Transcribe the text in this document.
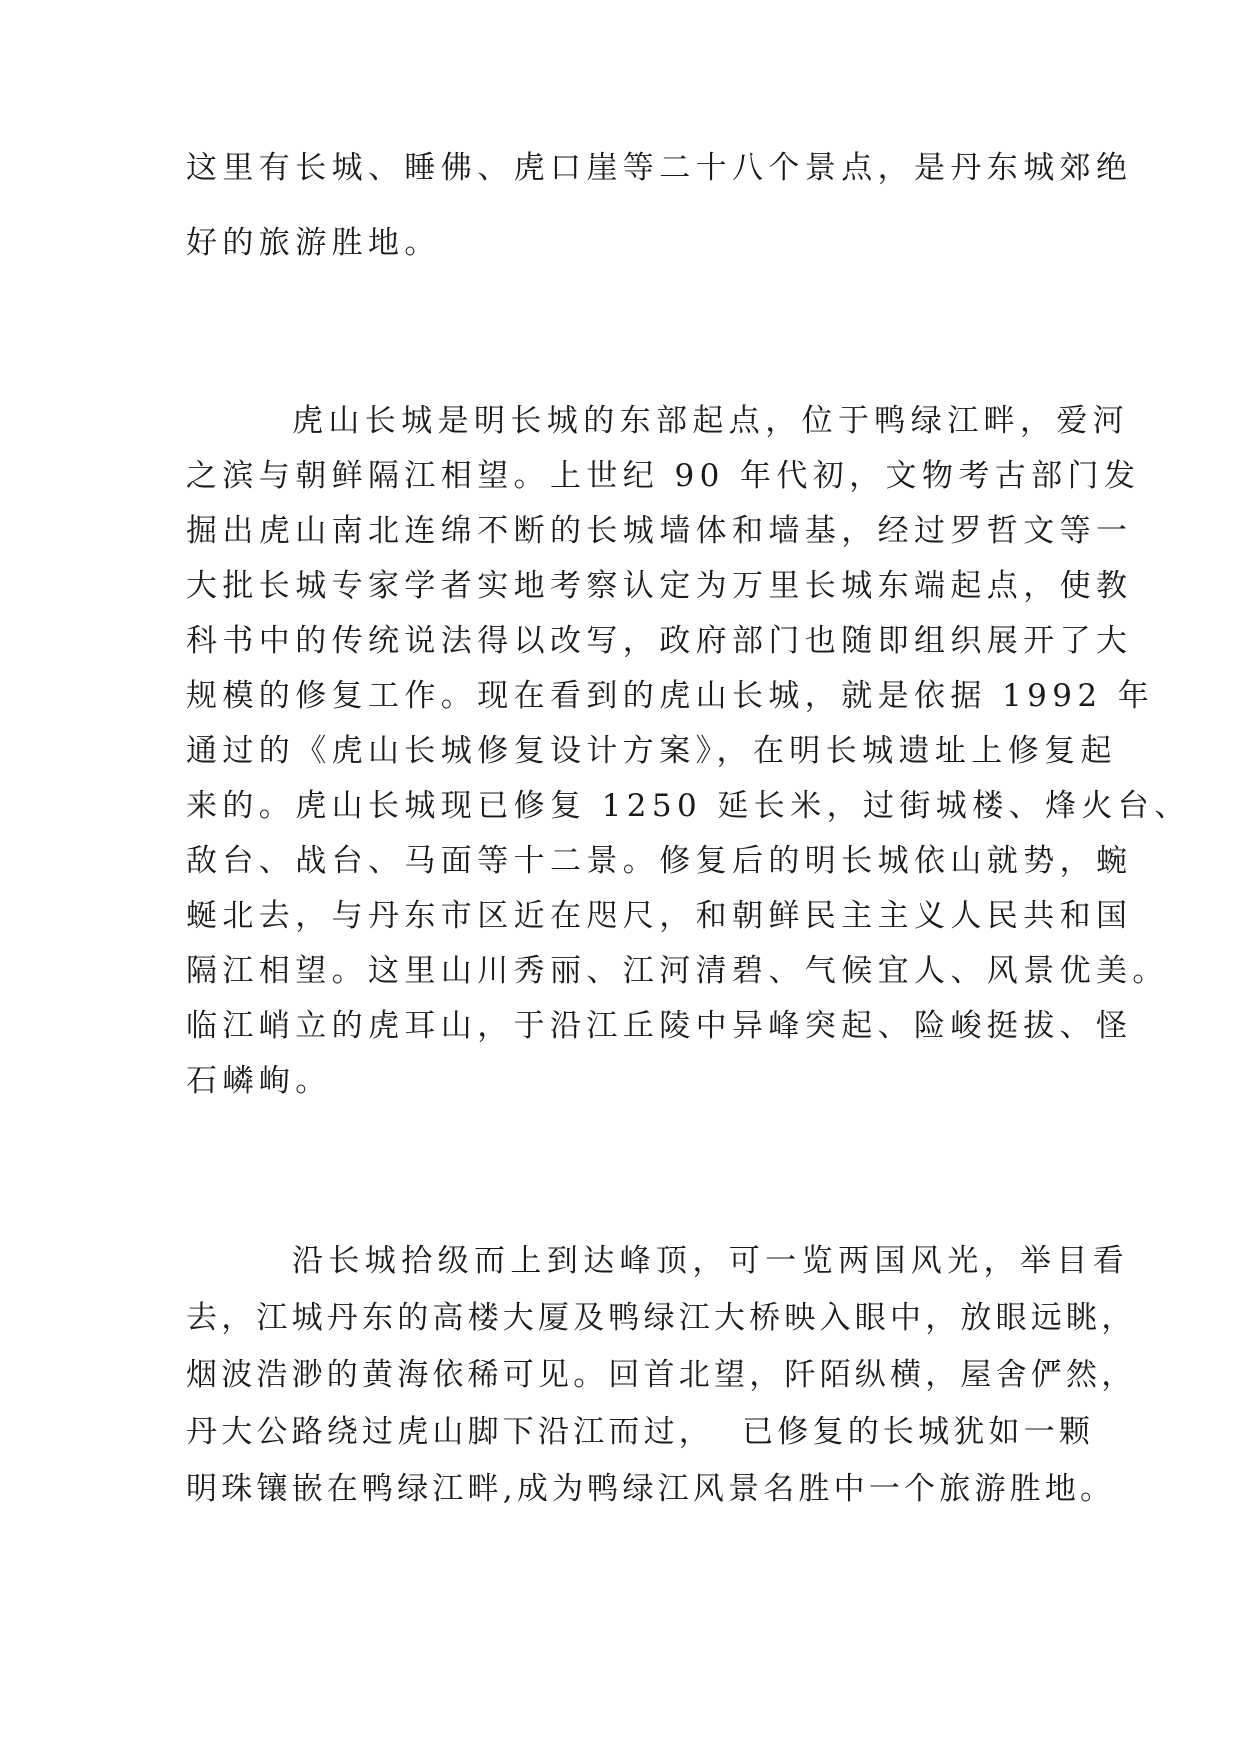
这里有长城、睡佛、虎口崖等二十八个景点，是丹东城郊绝
好的旅游胜地。
虎山长城是明长城的东部起点，位于鸭绿江畔，爱河
之滨与朝鲜隔江相望。上世纪 90 年代初，文物考古部门发
掘出虎山南北连绵不断的长城墙体和墙基，经过罗哲文等一
大批长城专家学者实地考察认定为万里长城东端起点，使教
科书中的传统说法得以改写，政府部门也随即组织展开了大
规模的修复工作。现在看到的虎山长城，就是依据 1992 年
通过的《虎山长城修复设计方案》，在明长城遗址上修复起
来的。虎山长城现已修复 1250 延长米，过街城楼、烽火台、
敌台、战台、马面等十二景。修复后的明长城依山就势，蜿
蜒北去，与丹东市区近在咫尺，和朝鲜民主主义人民共和国
隔江相望。这里山川秀丽、江河清碧、气候宜人、风景优美。
临江峭立的虎耳山，于沿江丘陵中异峰突起、险峻挺拔、怪
石嶙峋。
沿长城拾级而上到达峰顶，可一览两国风光，举目看
去，江城丹东的高楼大厦及鸭绿江大桥映入眼中，放眼远眺，
烟波浩渺的黄海依稀可见。回首北望，阡陌纵横，屋舍俨然，
丹大公路绕过虎山脚下沿江而过，  已修复的长城犹如一颗
明珠镶嵌在鸭绿江畔,成为鸭绿江风景名胜中一个旅游胜地。
